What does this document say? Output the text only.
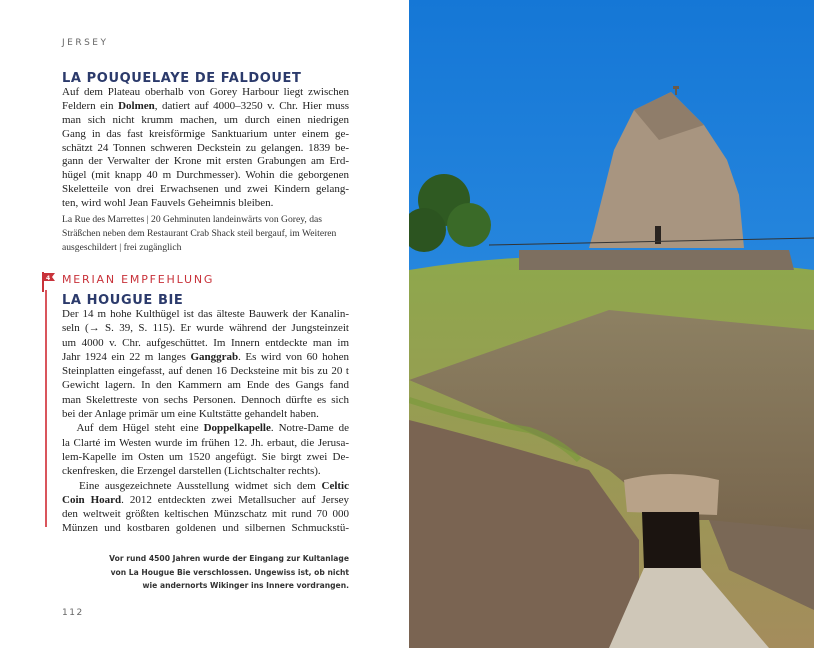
JERSEY
LA POUQUELAYE DE FALDOUET
Auf dem Plateau oberhalb von Gorey Harbour liegt zwischen
Feldern ein Dolmen, datiert auf 4000–3250 v. Chr. Hier muss
man sich nicht krumm machen, um durch einen niedrigen
Gang in das fast kreisförmige Sanktuarium unter einem ge-
schätzt 24 Tonnen schweren Deckstein zu gelangen. 1839 be-
gann der Verwalter der Krone mit ersten Grabungen am Erd-
hügel (mit knapp 40 m Durchmesser). Wohin die geborgenen
Skeletteile von drei Erwachsenen und zwei Kindern gelang-
ten, wird wohl Jean Fauvels Geheimnis bleiben.
La Rue des Marrettes | 20 Gehminuten landeinwärts von Gorey, das
Sträßchen neben dem Restaurant Crab Shack steil bergauf, im Weiteren
ausgeschildert | frei zugänglich
4 MERIAN EMPFEHLUNG
LA HOUGUE BIE
Der 14 m hohe Kulthügel ist das älteste Bauwerk der Kanalin-
seln (→ S. 39, S. 115). Er wurde während der Jungsteinzeit
um 4000 v. Chr. aufgeschüttet. Im Innern entdeckte man im
Jahr 1924 ein 22 m langes Ganggrab. Es wird von 60 hohen
Steinplatten eingefasst, auf denen 16 Decksteine mit bis zu 20 t
Gewicht lagern. In den Kammern am Ende des Gangs fand
man Skelettreste von sechs Personen. Dennoch dürfte es sich
bei der Anlage primär um eine Kultstätte gehandelt haben.
Auf dem Hügel steht eine Doppelkapelle. Notre-Dame de
la Clarté im Westen wurde im frühen 12. Jh. erbaut, die Jerusa-
lem-Kapelle im Osten um 1520 angefügt. Sie birgt zwei De-
ckenfresken, die Erzengel darstellen (Lichtschalter rechts).
Eine ausgezeichnete Ausstellung widmet sich dem Celtic
Coin Hoard. 2012 entdeckten zwei Metallsucher auf Jersey
den weltweit größten keltischen Münzschatz mit rund 70 000
Münzen und kostbaren goldenen und silbernen Schmuckstü-
Vor rund 4500 Jahren wurde der Eingang zur Kultanlage
von La Hougue Bie verschlossen. Ungewiss ist, ob nicht
wie andernorts Wikinger ins Innere vordrangen.
112
